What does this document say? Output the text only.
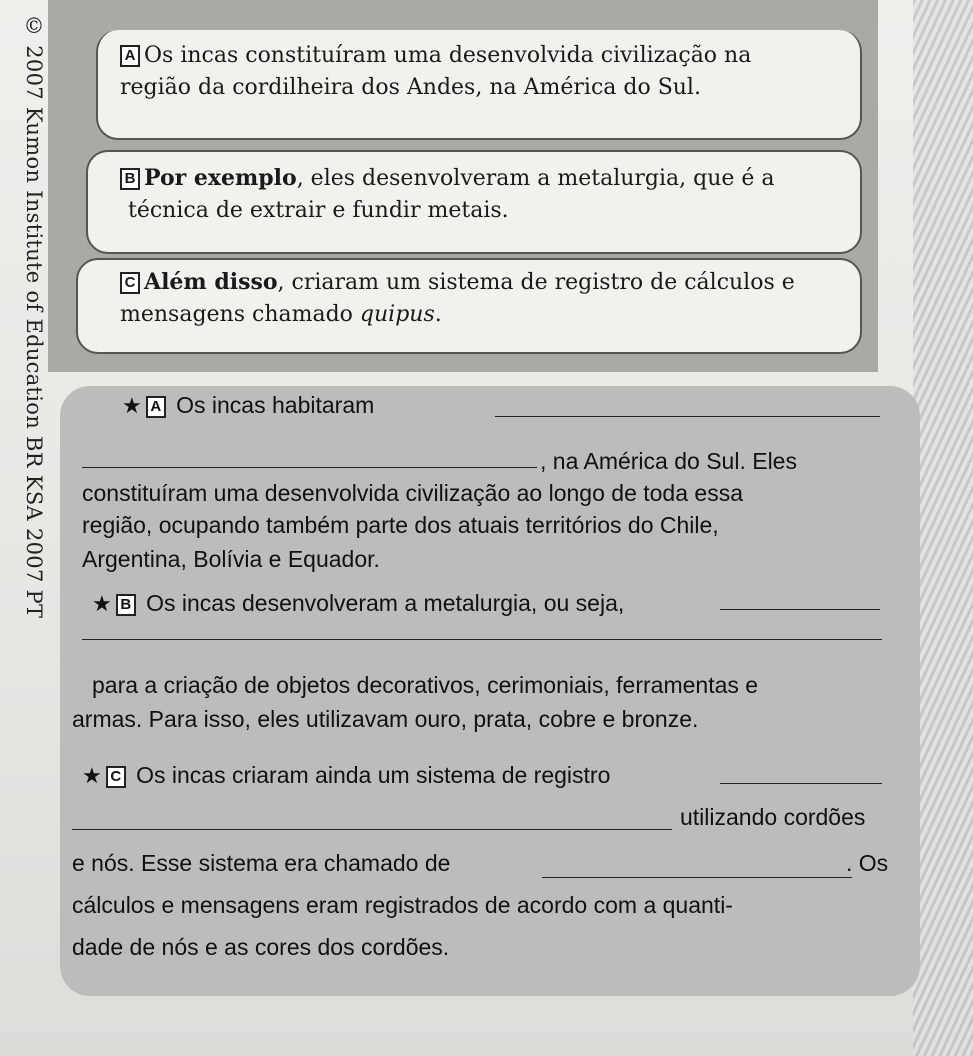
© 2007 Kumon Institute of Education BR KSA 2007 PT	A Os incas constituíram uma desenvolvida civilização na

região da cordilheira dos Andes, na América do Sul.

B Por exemplo, eles desenvolveram a metalurgia, que é a

técnica de extrair e fundir metais.

C Além disso, criaram um sistema de registro de cálculos e

mensagens chamado quipus.

★ A Os incas habitaram
, na América do Sul. Eles
constituíram uma desenvolvida civilização ao longo de toda essa
região, ocupando também parte dos atuais territórios do Chile,
Argentina, Bolívia e Equador.
★ B Os incas desenvolveram a metalurgia, ou seja,
para a criação de objetos decorativos, cerimoniais, ferramentas e
armas. Para isso, eles utilizavam ouro, prata, cobre e bronze.
★ C Os incas criaram ainda um sistema de registro
utilizando cordões
e nós. Esse sistema era chamado de	. Os
cálculos e mensagens eram registrados de acordo com a quanti-
dade de nós e as cores dos cordões.
